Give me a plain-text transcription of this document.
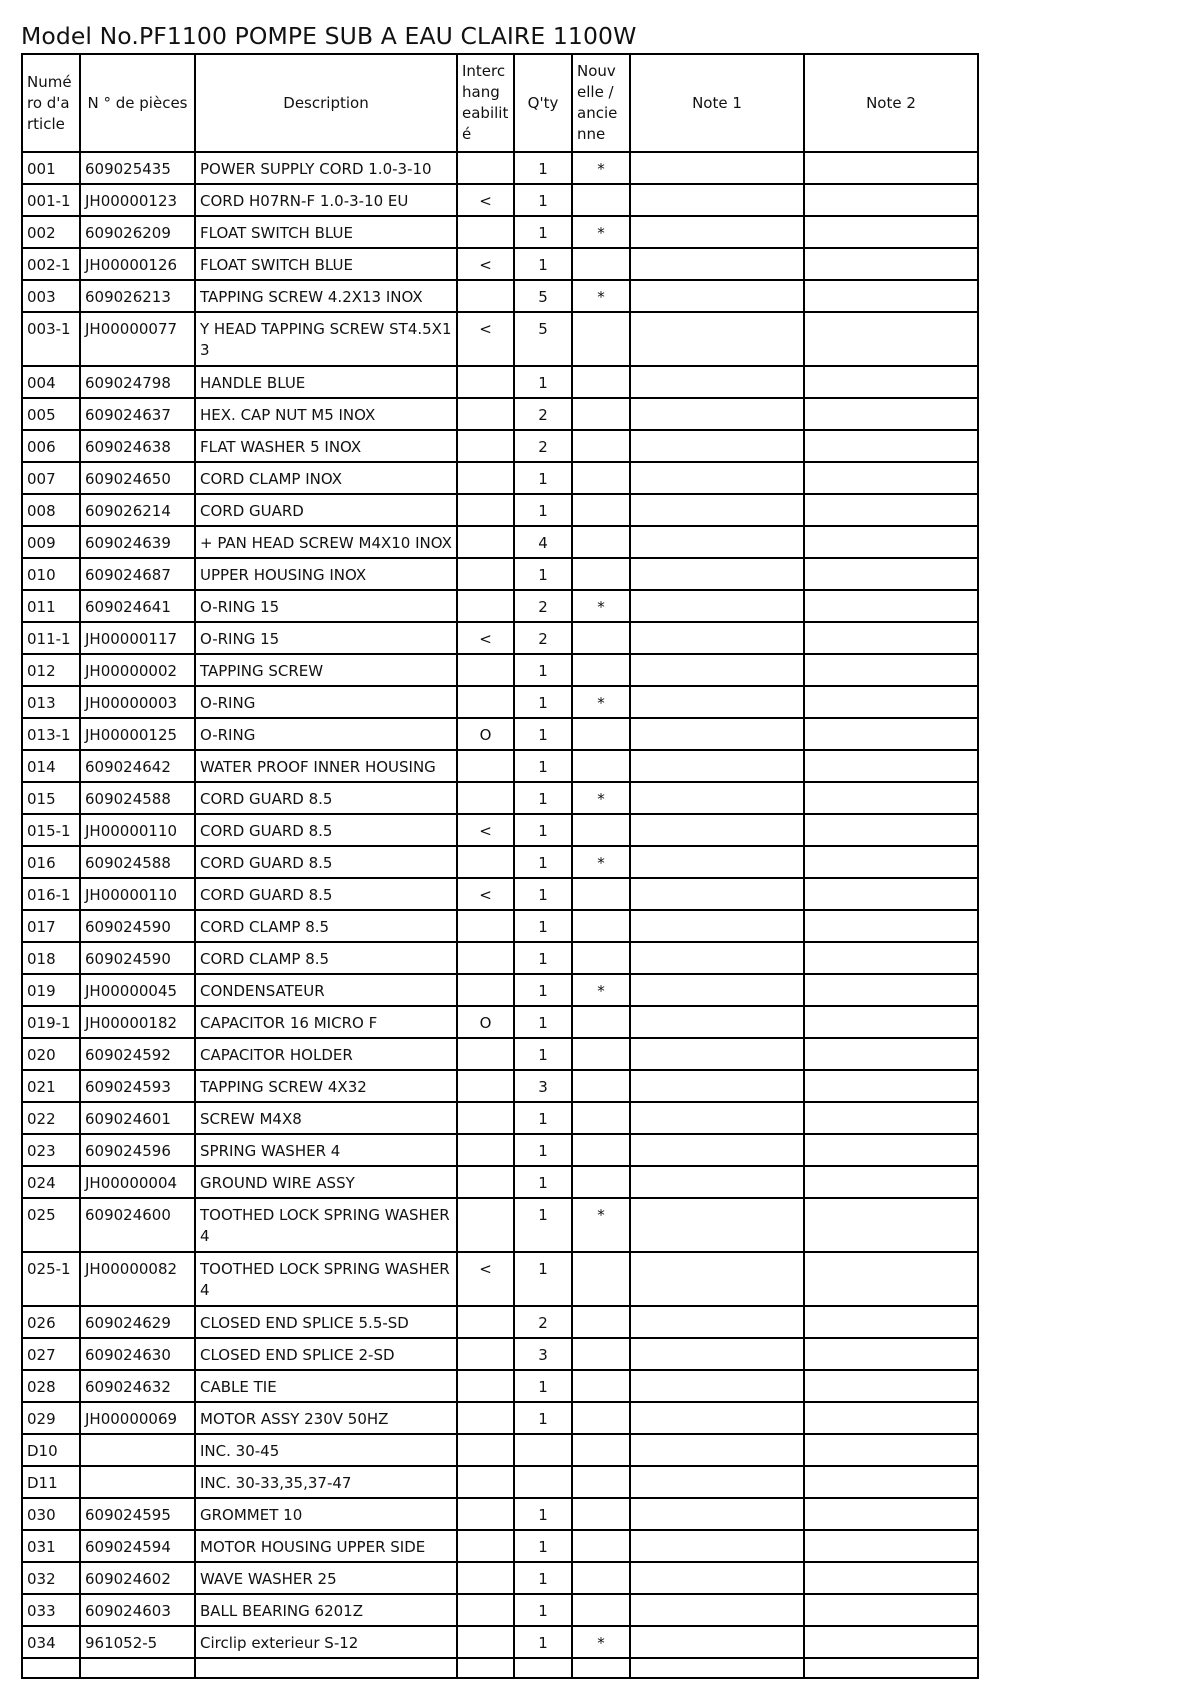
Model No.PF1100 POMPE SUB A EAU CLAIRE 1100W
Numé ro d'a rticle	N ° de pièces	Description	Interc hang eabilit é	Q'ty	Nouv elle / ancie nne	Note 1	Note 2
001	609025435	POWER SUPPLY CORD 1.0-3-10		1	*		
001-1	JH00000123	CORD H07RN-F 1.0-3-10 EU	<	1			
002	609026209	FLOAT SWITCH BLUE		1	*		
002-1	JH00000126	FLOAT SWITCH BLUE	<	1			
003	609026213	TAPPING SCREW 4.2X13 INOX		5	*		
003-1	JH00000077	Y HEAD TAPPING SCREW ST4.5X13	<	5			
004	609024798	HANDLE BLUE		1			
005	609024637	HEX. CAP NUT M5 INOX		2			
006	609024638	FLAT WASHER 5 INOX		2			
007	609024650	CORD CLAMP INOX		1			
008	609026214	CORD GUARD		1			
009	609024639	+ PAN HEAD SCREW M4X10 INOX		4			
010	609024687	UPPER HOUSING INOX		1			
011	609024641	O-RING 15		2	*		
011-1	JH00000117	O-RING 15	<	2			
012	JH00000002	TAPPING SCREW		1			
013	JH00000003	O-RING		1	*		
013-1	JH00000125	O-RING	O	1			
014	609024642	WATER PROOF INNER HOUSING		1			
015	609024588	CORD GUARD 8.5		1	*		
015-1	JH00000110	CORD GUARD 8.5	<	1			
016	609024588	CORD GUARD 8.5		1	*		
016-1	JH00000110	CORD GUARD 8.5	<	1			
017	609024590	CORD CLAMP 8.5		1			
018	609024590	CORD CLAMP 8.5		1			
019	JH00000045	CONDENSATEUR		1	*		
019-1	JH00000182	CAPACITOR 16 MICRO F	O	1			
020	609024592	CAPACITOR HOLDER		1			
021	609024593	TAPPING SCREW 4X32		3			
022	609024601	SCREW M4X8		1			
023	609024596	SPRING WASHER 4		1			
024	JH00000004	GROUND WIRE ASSY		1			
025	609024600	TOOTHED LOCK SPRING WASHER 4		1	*		
025-1	JH00000082	TOOTHED LOCK SPRING WASHER 4	<	1			
026	609024629	CLOSED END SPLICE 5.5-SD		2			
027	609024630	CLOSED END SPLICE 2-SD		3			
028	609024632	CABLE TIE		1			
029	JH00000069	MOTOR ASSY 230V 50HZ		1			
D10		INC. 30-45					
D11		INC. 30-33,35,37-47					
030	609024595	GROMMET 10		1			
031	609024594	MOTOR HOUSING UPPER SIDE		1			
032	609024602	WAVE WASHER 25		1			
033	609024603	BALL BEARING 6201Z		1			
034	961052-5	Circlip exterieur S-12		1	*		
